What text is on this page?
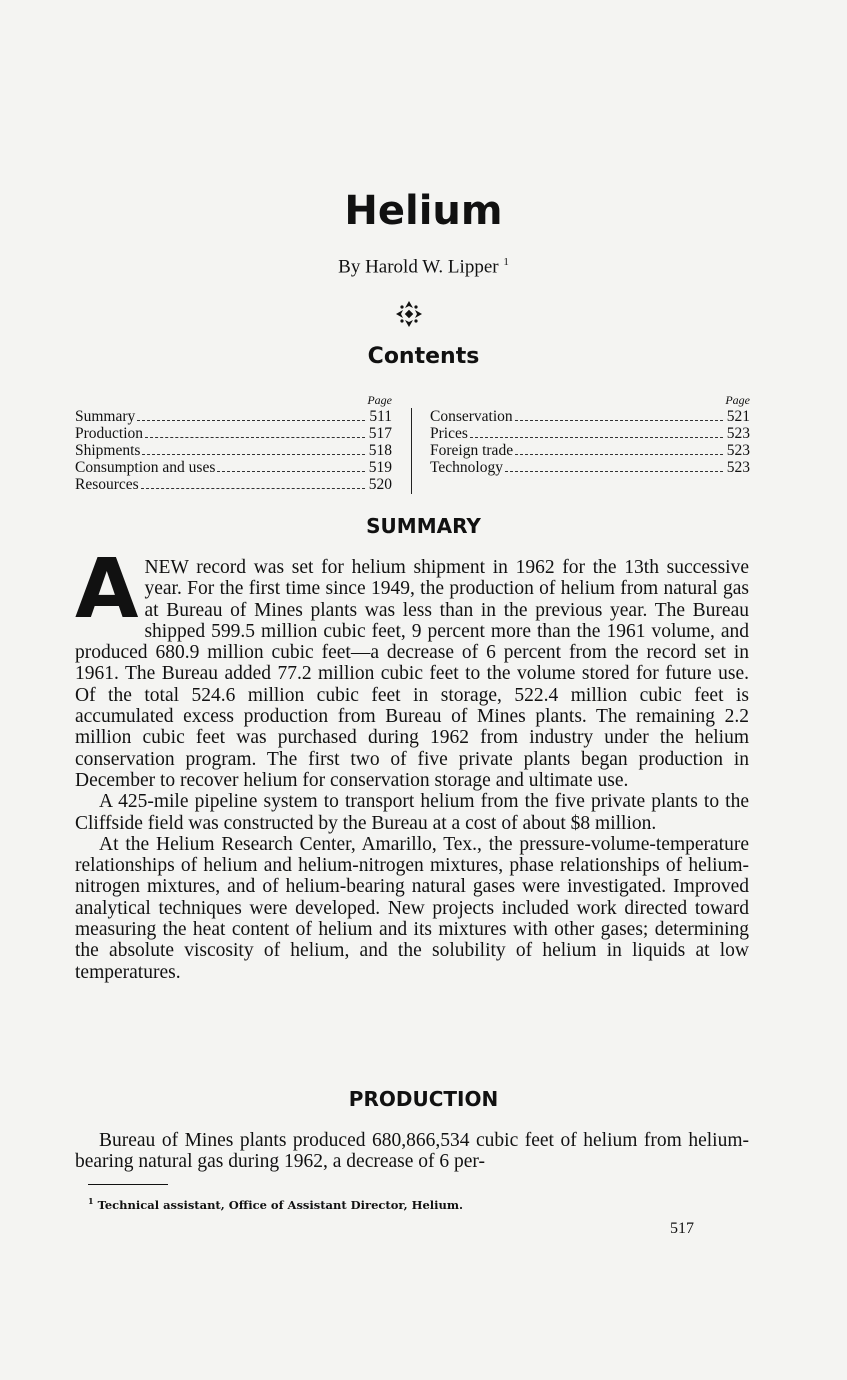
Helium
By Harold W. Lipper $^1$
Contents
Page
Summary	511
Production	517
Shipments	518
Consumption and uses	519
Resources	520
Page
Conservation	521
Prices	523
Foreign trade	523
Technology	523
SUMMARY

ANEW record was set for helium shipment in 1962 for the 13th successive year. For the first time since 1949, the production of helium from natural gas at Bureau of Mines plants was less than in the previous year. The Bureau shipped 599.5 million cubic feet, 9 percent more than the 1961 volume, and produced 680.9 million cubic feet—a decrease of 6 percent from the record set in 1961. The Bureau added 77.2 million cubic feet to the volume stored for future use. Of the total 524.6 million cubic feet in storage, 522.4 million cubic feet is accumulated excess production from Bureau of Mines plants. The remaining 2.2 million cubic feet was purchased during 1962 from industry under the helium conservation program. The first two of five private plants began production in December to recover helium for conservation storage and ultimate use.

A 425-mile pipeline system to transport helium from the five private plants to the Cliffside field was constructed by the Bureau at a cost of about $8 million.

At the Helium Research Center, Amarillo, Tex., the pressure-volume-temperature relationships of helium and helium-nitrogen mixtures, phase relationships of helium-nitrogen mixtures, and of helium-bearing natural gases were investigated. Improved analytical techniques were developed. New projects included work directed toward measuring the heat content of helium and its mixtures with other gases; determining the absolute viscosity of helium, and the solubility of helium in liquids at low temperatures.

PRODUCTION

Bureau of Mines plants produced 680,866,534 cubic feet of helium from helium-bearing natural gas during 1962, a decrease of 6 per-

$^1$ Technical assistant, Office of Assistant Director, Helium.
517
